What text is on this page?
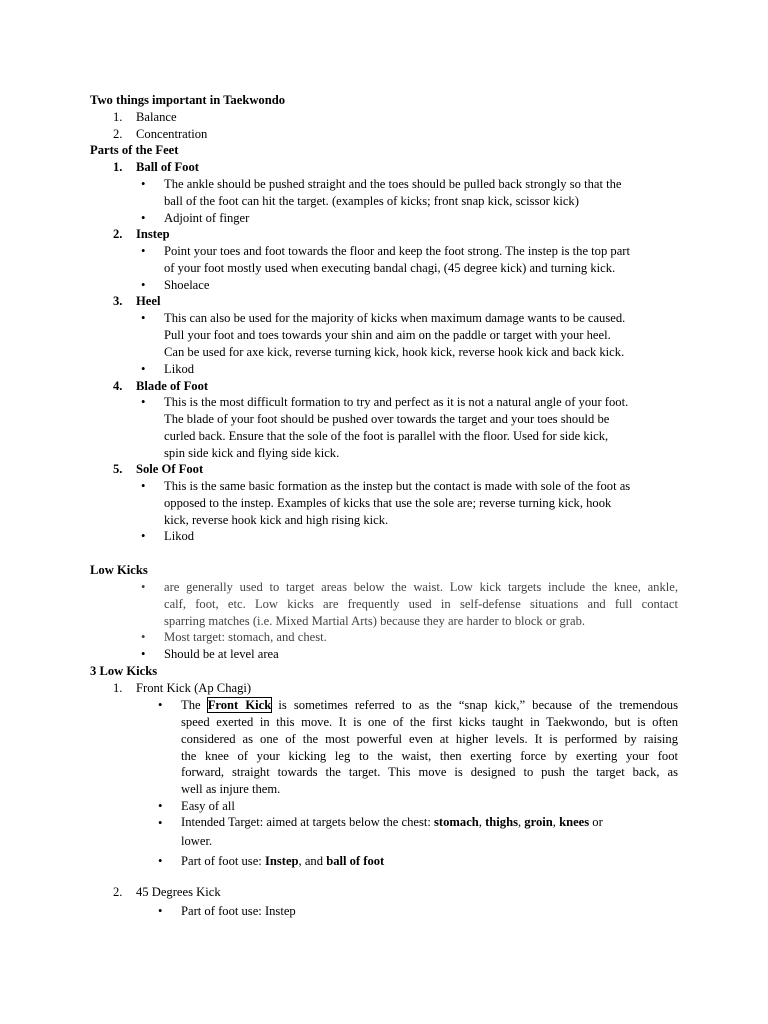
Two things important in Taekwondo
1. Balance
2. Concentration
Parts of the Feet
1. Ball of Foot
• The ankle should be pushed straight and the toes should be pulled back strongly so that the
ball of the foot can hit the target. (examples of kicks; front snap kick, scissor kick)
• Adjoint of finger
2. Instep
• Point your toes and foot towards the floor and keep the foot strong. The instep is the top part
of your foot mostly used when executing bandal chagi, (45 degree kick) and turning kick.
• Shoelace
3. Heel
• This can also be used for the majority of kicks when maximum damage wants to be caused.
Pull your foot and toes towards your shin and aim on the paddle or target with your heel.
Can be used for axe kick, reverse turning kick, hook kick, reverse hook kick and back kick.
• Likod
4. Blade of Foot
• This is the most difficult formation to try and perfect as it is not a natural angle of your foot.
The blade of your foot should be pushed over towards the target and your toes should be
curled back. Ensure that the sole of the foot is parallel with the floor. Used for side kick,
spin side kick and flying side kick.
5. Sole Of Foot
• This is the same basic formation as the instep but the contact is made with sole of the foot as
opposed to the instep. Examples of kicks that use the sole are; reverse turning kick, hook
kick, reverse hook kick and high rising kick.
• Likod
Low Kicks
• are generally used to target areas below the waist. Low kick targets include the knee, ankle,
calf, foot, etc. Low kicks are frequently used in self-defense situations and full contact
sparring matches (i.e. Mixed Martial Arts) because they are harder to block or grab.
• Most target: stomach, and chest.
• Should be at level area
3 Low Kicks
1. Front Kick (Ap Chagi)
• The Front Kick is sometimes referred to as the “snap kick,” because of the tremendous
speed exerted in this move. It is one of the first kicks taught in Taekwondo, but is often
considered as one of the most powerful even at higher levels. It is performed by raising
the knee of your kicking leg to the waist, then exerting force by exerting your foot
forward, straight towards the target. This move is designed to push the target back, as
well as injure them.
• Easy of all
• Intended Target: aimed at targets below the chest: stomach, thighs, groin, knees or
lower.
• Part of foot use: Instep, and ball of foot
2. 45 Degrees Kick
• Part of foot use: Instep
